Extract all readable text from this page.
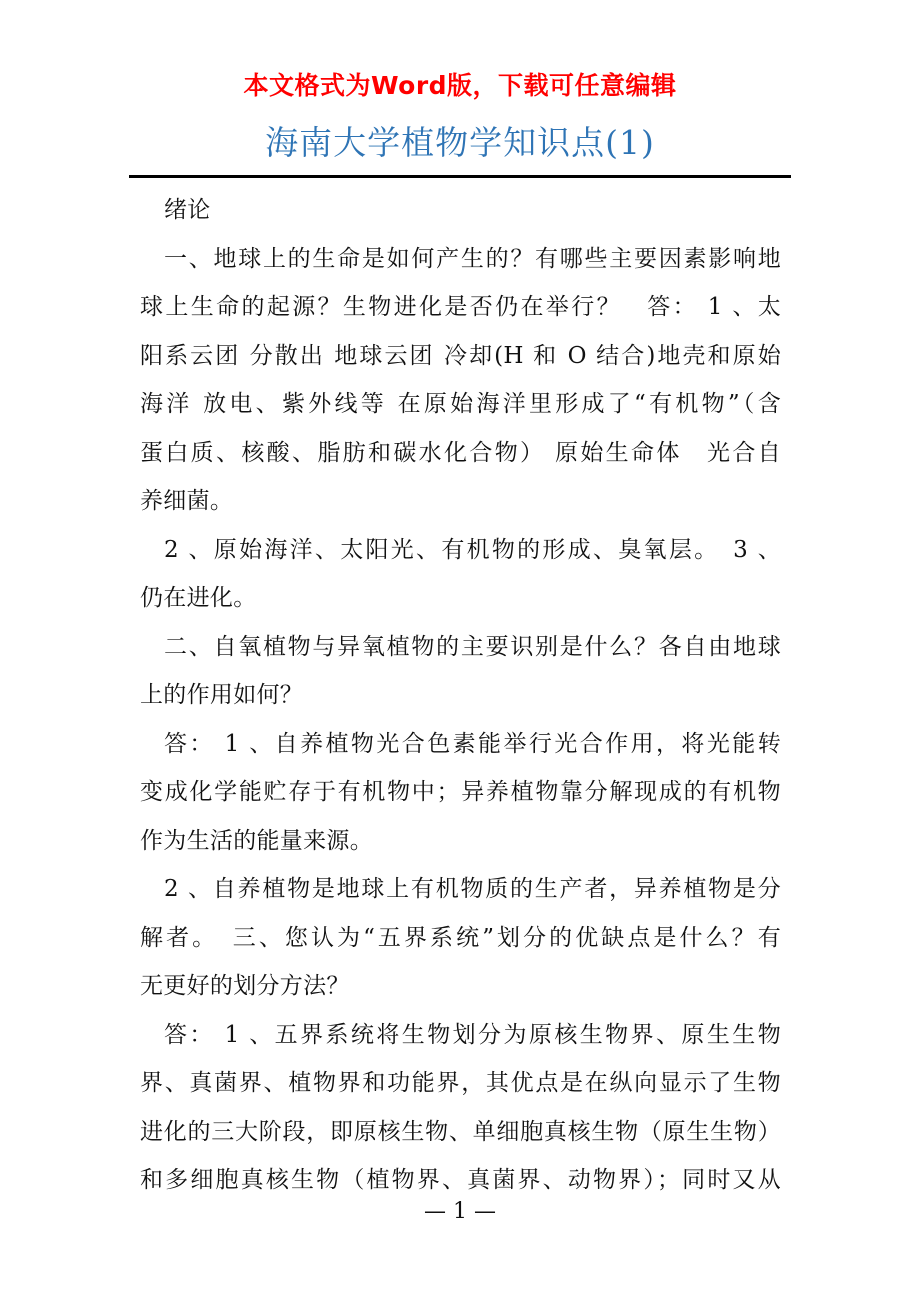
本文格式为Word版，下载可任意编辑
海南大学植物学知识点(1)
绪论
一、地球上的生命是如何产生的？有哪些主要因素影响地
球上生命的起源？生物进化是否仍在举行？　答： 1 、太
阳系云团 分散出 地球云团 冷却(H 和 O 结合)地壳和原始
海洋 放电、紫外线等 在原始海洋里形成了“有机物”（含
蛋白质、核酸、脂肪和碳水化合物） 原始生命体　光合自
养细菌。
2 、原始海洋、太阳光、有机物的形成、臭氧层。　3 、
仍在进化。
二、自氧植物与异氧植物的主要识别是什么？各自由地球
上的作用如何？
答： 1 、自养植物光合色素能举行光合作用，将光能转
变成化学能贮存于有机物中；异养植物靠分解现成的有机物
作为生活的能量来源。
2 、自养植物是地球上有机物质的生产者，异养植物是分
解者。　三、您认为“五界系统”划分的优缺点是什么？有
无更好的划分方法？
答： 1 、五界系统将生物划分为原核生物界、原生生物
界、真菌界、植物界和功能界，其优点是在纵向显示了生物
进化的三大阶段，即原核生物、单细胞真核生物（原生生物）
和多细胞真核生物（植物界、真菌界、动物界）；同时又从
— 1 —
